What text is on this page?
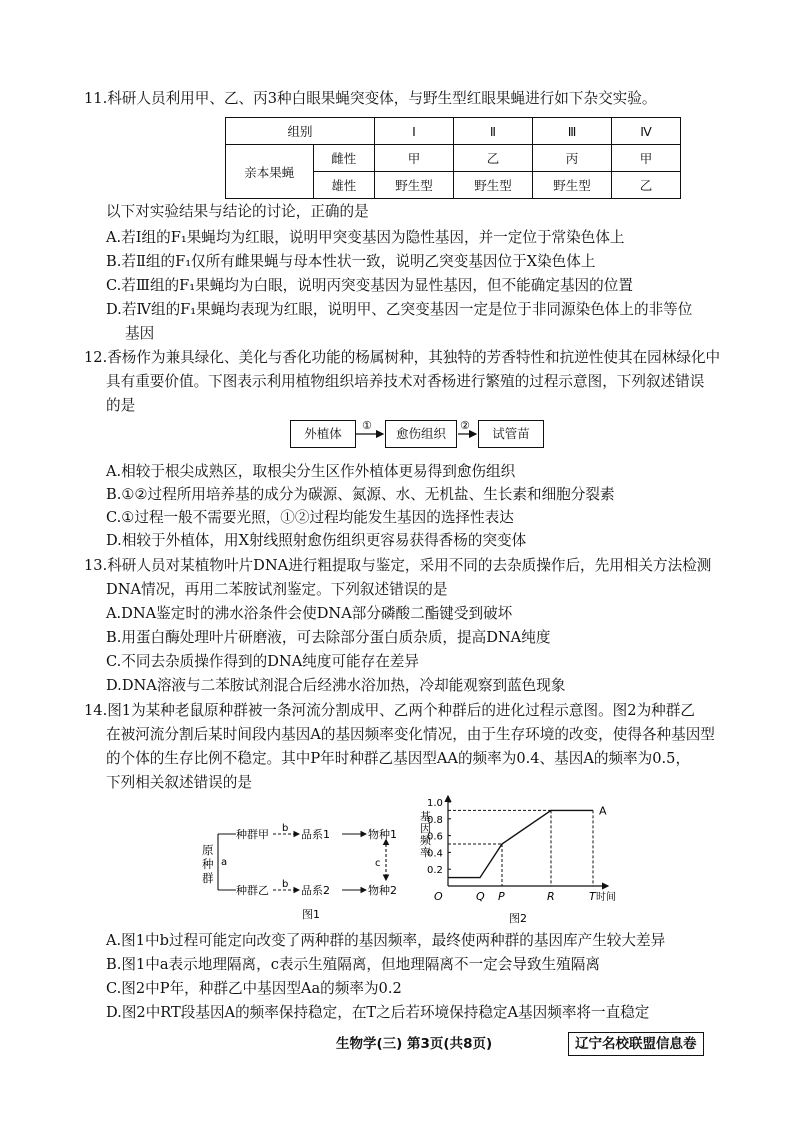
11.科研人员利用甲、乙、丙3种白眼果蝇突变体，与野生型红眼果蝇进行如下杂交实验。
组别		Ⅰ	Ⅱ	Ⅲ	Ⅳ
亲本果蝇	雌性	甲	乙	丙	甲
	雄性	野生型	野生型	野生型	乙
以下对实验结果与结论的讨论，正确的是
A.若Ⅰ组的F₁果蝇均为红眼，说明甲突变基因为隐性基因，并一定位于常染色体上
B.若Ⅱ组的F₁仅所有雌果蝇与母本性状一致，说明乙突变基因位于X染色体上
C.若Ⅲ组的F₁果蝇均为白眼，说明丙突变基因为显性基因，但不能确定基因的位置
D.若Ⅳ组的F₁果蝇均表现为红眼，说明甲、乙突变基因一定是位于非同源染色体上的非等位
基因
12.香杨作为兼具绿化、美化与香化功能的杨属树种，其独特的芳香特性和抗逆性使其在园林绿化中
具有重要价值。下图表示利用植物组织培养技术对香杨进行繁殖的过程示意图，下列叙述错误
的是
外植体	愈伤组织	试管苗
①	②
A.相较于根尖成熟区，取根尖分生区作外植体更易得到愈伤组织
B.①②过程所用培养基的成分为碳源、氮源、水、无机盐、生长素和细胞分裂素
C.①过程一般不需要光照，①②过程均能发生基因的选择性表达
D.相较于外植体，用X射线照射愈伤组织更容易获得香杨的突变体
13.科研人员对某植物叶片DNA进行粗提取与鉴定，采用不同的去杂质操作后，先用相关方法检测
DNA情况，再用二苯胺试剂鉴定。下列叙述错误的是
A.DNA鉴定时的沸水浴条件会使DNA部分磷酸二酯键受到破坏
B.用蛋白酶处理叶片研磨液，可去除部分蛋白质杂质，提高DNA纯度
C.不同去杂质操作得到的DNA纯度可能存在差异
D.DNA溶液与二苯胺试剂混合后经沸水浴加热，冷却能观察到蓝色现象
14.图1为某种老鼠原种群被一条河流分割成甲、乙两个种群后的进化过程示意图。图2为种群乙
在被河流分割后某时间段内基因A的基因频率变化情况，由于生存环境的改变，使得各种基因型
的个体的生存比例不稳定。其中P年时种群乙基因型AA的频率为0.4、基因A的频率为0.5，
下列相关叙述错误的是
原
种
群
a
种群甲
种群乙
b
b
品系1
品系2
物种1
物种2
c
图1
率
频
因
基
0.2
0.4
0.6
0.8
1.0
A
O	Q P	R	T 时间
图2
A.图1中b过程可能定向改变了两种群的基因频率，最终使两种群的基因库产生较大差异
B.图1中a表示地理隔离，c表示生殖隔离，但地理隔离不一定会导致生殖隔离
C.图2中P年，种群乙中基因型Aa的频率为0.2
D.图2中RT段基因A的频率保持稳定，在T之后若环境保持稳定A基因频率将一直稳定
生物学(三) 第3页(共8页)	辽宁名校联盟信息卷
